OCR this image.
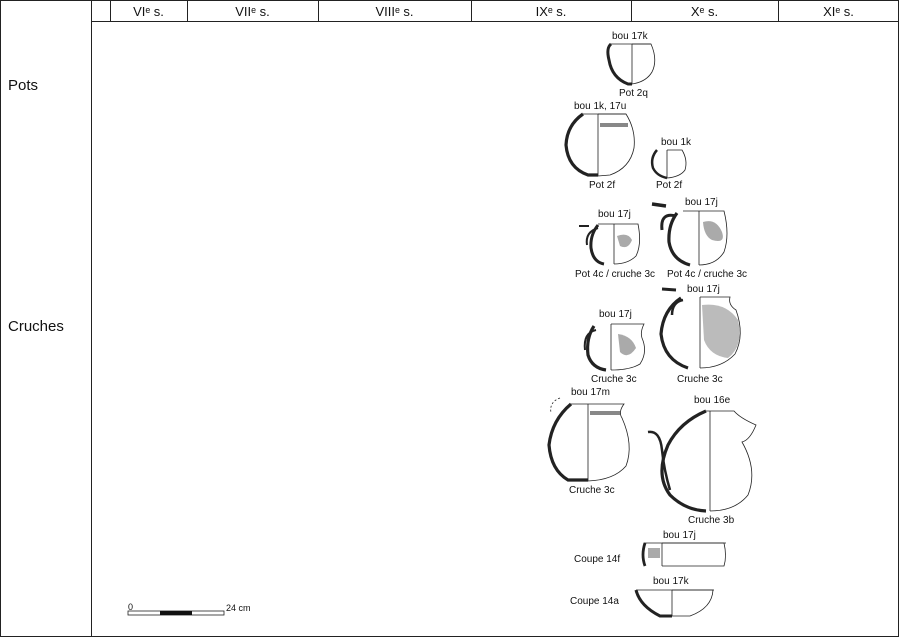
VIᵉ s.	VIIᵉ s.	VIIIᵉ s.	IXᵉ s.	Xᵉ s.	XIᵉ s.
Pots
Cruches
bou 17k
Pot 2q
bou 1k, 17u
Pot 2f
bou 1k
Pot 2f
bou 17j
Pot 4c / cruche 3c
bou 17j
Pot 4c / cruche 3c
bou 17j
Cruche 3c
bou 17j
Cruche 3c
bou 17m
Cruche 3c
bou 16e
Cruche 3b
bou 17j
Coupe 14f
bou 17k
Coupe 14a
0	24 cm
